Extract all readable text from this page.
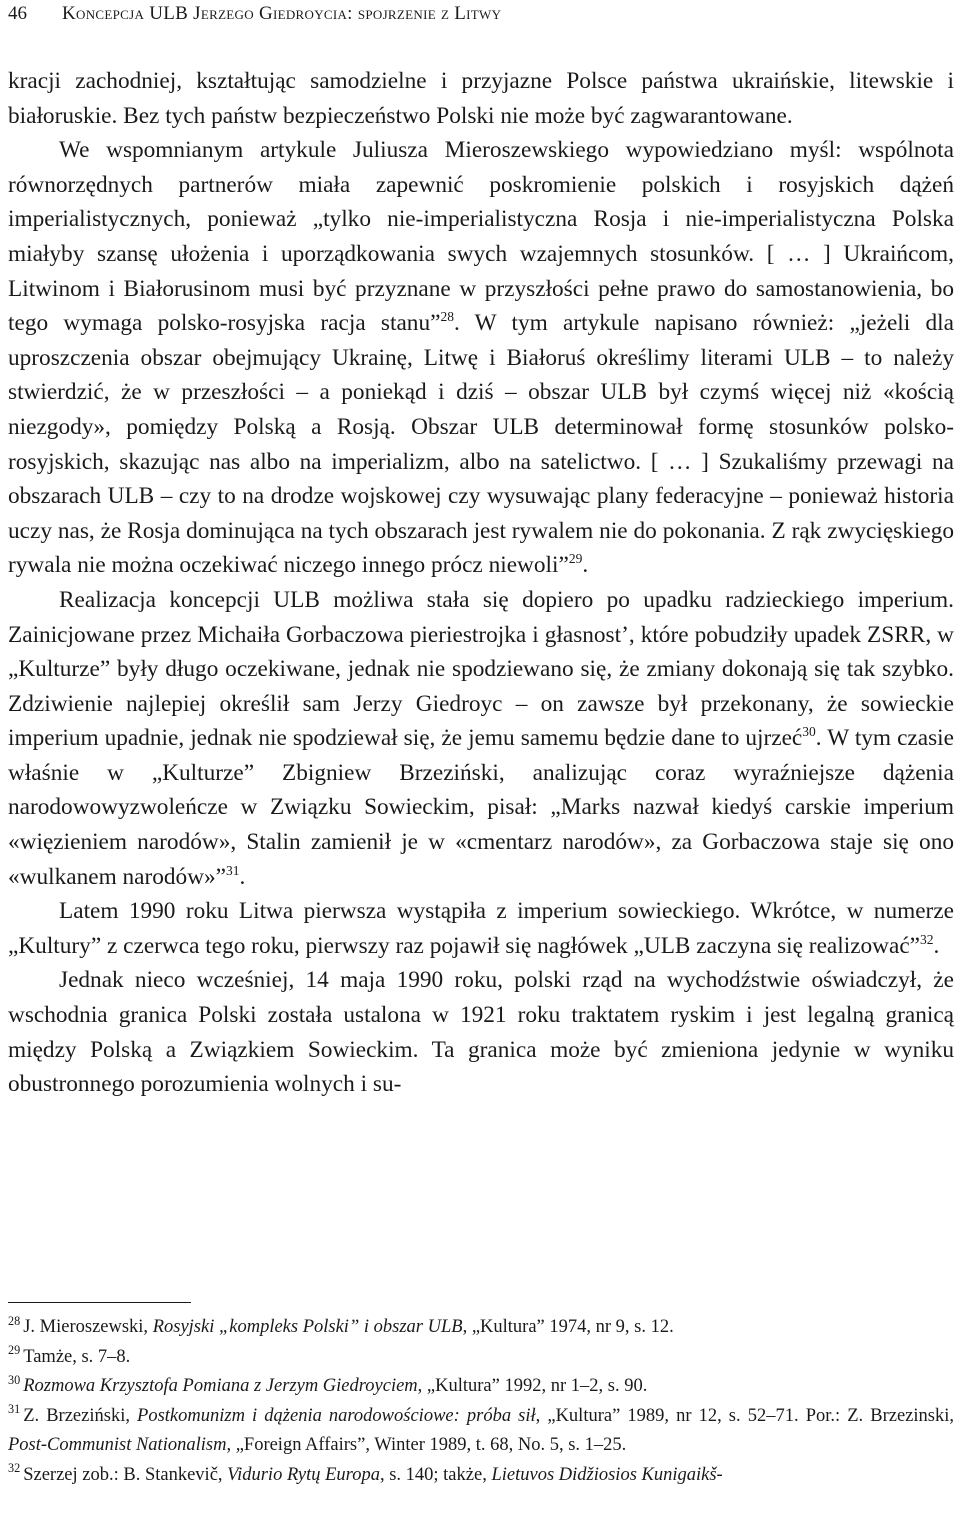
46 Koncepcja ULB Jerzego Giedroycia: spojrzenie z Litwy

kracji zachodniej, kształtując samodzielne i przyjazne Polsce państwa ukraińskie, litewskie i białoruskie. Bez tych państw bezpieczeństwo Polski nie może być zagwarantowane.

We wspomnianym artykule Juliusza Mieroszewskiego wypowiedziano myśl: wspólnota równorzędnych partnerów miała zapewnić poskromienie polskich i rosyjskich dążeń imperialistycznych, ponieważ „tylko nie-imperialistyczna Rosja i nie-imperialistyczna Polska miałyby szansę ułożenia i uporządkowania swych wzajemnych stosunków. [ … ] Ukraińcom, Litwinom i Białorusinom musi być przyznane w przyszłości pełne prawo do samostanowienia, bo tego wymaga polsko-rosyjska racja stanu”$^{28}$. W tym artykule napisano również: „jeżeli dla uproszczenia obszar obejmujący Ukrainę, Litwę i Białoruś określimy literami ULB – to należy stwierdzić, że w przeszłości – a poniekąd i dziś – obszar ULB był czymś więcej niż «kością niezgody», pomiędzy Polską a Rosją. Obszar ULB determinował formę stosunków polsko-rosyjskich, skazując nas albo na imperializm, albo na satelictwo. [ … ] Szukaliśmy przewagi na obszarach ULB – czy to na drodze wojskowej czy wysuwając plany federacyjne – ponieważ historia uczy nas, że Rosja dominująca na tych obszarach jest rywalem nie do pokonania. Z rąk zwycięskiego rywala nie można oczekiwać niczego innego prócz niewoli”$^{29}$.

Realizacja koncepcji ULB możliwa stała się dopiero po upadku radzieckiego imperium. Zainicjowane przez Michaiła Gorbaczowa pieriestrojka i głasnost’, które pobudziły upadek ZSRR, w „Kulturze” były długo oczekiwane, jednak nie spodziewano się, że zmiany dokonają się tak szybko. Zdziwienie najlepiej określił sam Jerzy Giedroyc – on zawsze był przekonany, że sowieckie imperium upadnie, jednak nie spodziewał się, że jemu samemu będzie dane to ujrzeć$^{30}$. W tym czasie właśnie w „Kulturze” Zbigniew Brzeziński, analizując coraz wyraźniejsze dążenia narodowowyzwoleńcze w Związku Sowieckim, pisał: „Marks nazwał kiedyś carskie imperium «więzieniem narodów», Stalin zamienił je w «cmentarz narodów», za Gorbaczowa staje się ono «wulkanem narodów»”$^{31}$.

Latem 1990 roku Litwa pierwsza wystąpiła z imperium sowieckiego. Wkrótce, w numerze „Kultury” z czerwca tego roku, pierwszy raz pojawił się nagłówek „ULB zaczyna się realizować”$^{32}$.

Jednak nieco wcześniej, 14 maja 1990 roku, polski rząd na wychodźstwie oświadczył, że wschodnia granica Polski została ustalona w 1921 roku traktatem ryskim i jest legalną granicą między Polską a Związkiem Sowieckim. Ta granica może być zmieniona jedynie w wyniku obustronnego porozumienia wolnych i su-

$^{28}$ J. Mieroszewski, Rosyjski „kompleks Polski” i obszar ULB, „Kultura” 1974, nr 9, s. 12.

$^{29}$ Tamże, s. 7–8.

$^{30}$ Rozmowa Krzysztofa Pomiana z Jerzym Giedroyciem, „Kultura” 1992, nr 1–2, s. 90.

$^{31}$ Z. Brzeziński, Postkomunizm i dążenia narodowościowe: próba sił, „Kultura” 1989, nr 12, s. 52–71. Por.: Z. Brzezinski, Post-Communist Nationalism, „Foreign Affairs”, Winter 1989, t. 68, No. 5, s. 1–25.

$^{32}$ Szerzej zob.: B. Stankevič, Vidurio Rytų Europa, s. 140; także, Lietuvos Didžiosios Kunigaikš-
